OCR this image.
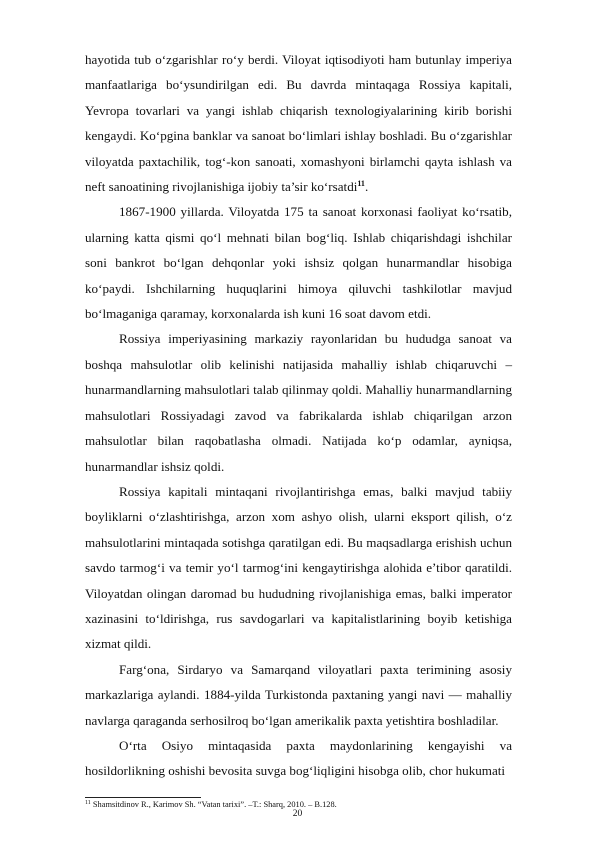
hayotida tub o‘zgarishlar ro‘y berdi. Viloyat iqtisodiyoti ham butunlay imperiya manfaatlariga bo‘ysundirilgan edi. Bu davrda mintaqaga Rossiya kapitali, Yevropa tovarlari va yangi ishlab chiqarish texnologiyalarining kirib borishi kengaydi. Ko‘pgina banklar va sanoat bo‘limlari ishlay boshladi. Bu o‘zgarishlar viloyatda paxtachilik, tog‘-kon sanoati, xomashyoni birlamchi qayta ishlash va neft sanoatining rivojlanishiga ijobiy ta’sir ko‘rsatdi$^{11}$.

1867-1900 yillarda. Viloyatda 175 ta sanoat korxonasi faoliyat ko‘rsatib, ularning katta qismi qo‘l mehnati bilan bog‘liq. Ishlab chiqarishdagi ishchilar soni bankrot bo‘lgan dehqonlar yoki ishsiz qolgan hunarmandlar hisobiga ko‘paydi. Ishchilarning huquqlarini himoya qiluvchi tashkilotlar mavjud bo‘lmaganiga qaramay, korxonalarda ish kuni 16 soat davom etdi.

Rossiya imperiyasining markaziy rayonlaridan bu hududga sanoat va boshqa mahsulotlar olib kelinishi natijasida mahalliy ishlab chiqaruvchi – hunarmandlarning mahsulotlari talab qilinmay qoldi. Mahalliy hunarmandlarning mahsulotlari Rossiyadagi zavod va fabrikalarda ishlab chiqarilgan arzon mahsulotlar bilan raqobatlasha olmadi. Natijada ko‘p odamlar, ayniqsa, hunarmandlar ishsiz qoldi.

Rossiya kapitali mintaqani rivojlantirishga emas, balki mavjud tabiiy boyliklarni o‘zlashtirishga, arzon xom ashyo olish, ularni eksport qilish, o‘z mahsulotlarini mintaqada sotishga qaratilgan edi. Bu maqsadlarga erishish uchun savdo tarmog‘i va temir yo‘l tarmog‘ini kengaytirishga alohida e’tibor qaratildi. Viloyatdan olingan daromad bu hududning rivojlanishiga emas, balki imperator xazinasini to‘ldirishga, rus savdogarlari va kapitalistlarining boyib ketishiga xizmat qildi.

Farg‘ona, Sirdaryo va Samarqand viloyatlari paxta terimining asosiy markazlariga aylandi. 1884-yilda Turkistonda paxtaning yangi navi — mahalliy navlarga qaraganda serhosilroq bo‘lgan amerikalik paxta yetishtira boshladilar.

O‘rta Osiyo mintaqasida paxta maydonlarining kengayishi va hosildorlikning oshishi bevosita suvga bog‘liqligini hisobga olib, chor hukumati

$^{11}$ Shamsitdinov R., Karimov Sh. “Vatan tarixi”. –T.: Sharq, 2010. – B.128.
20
